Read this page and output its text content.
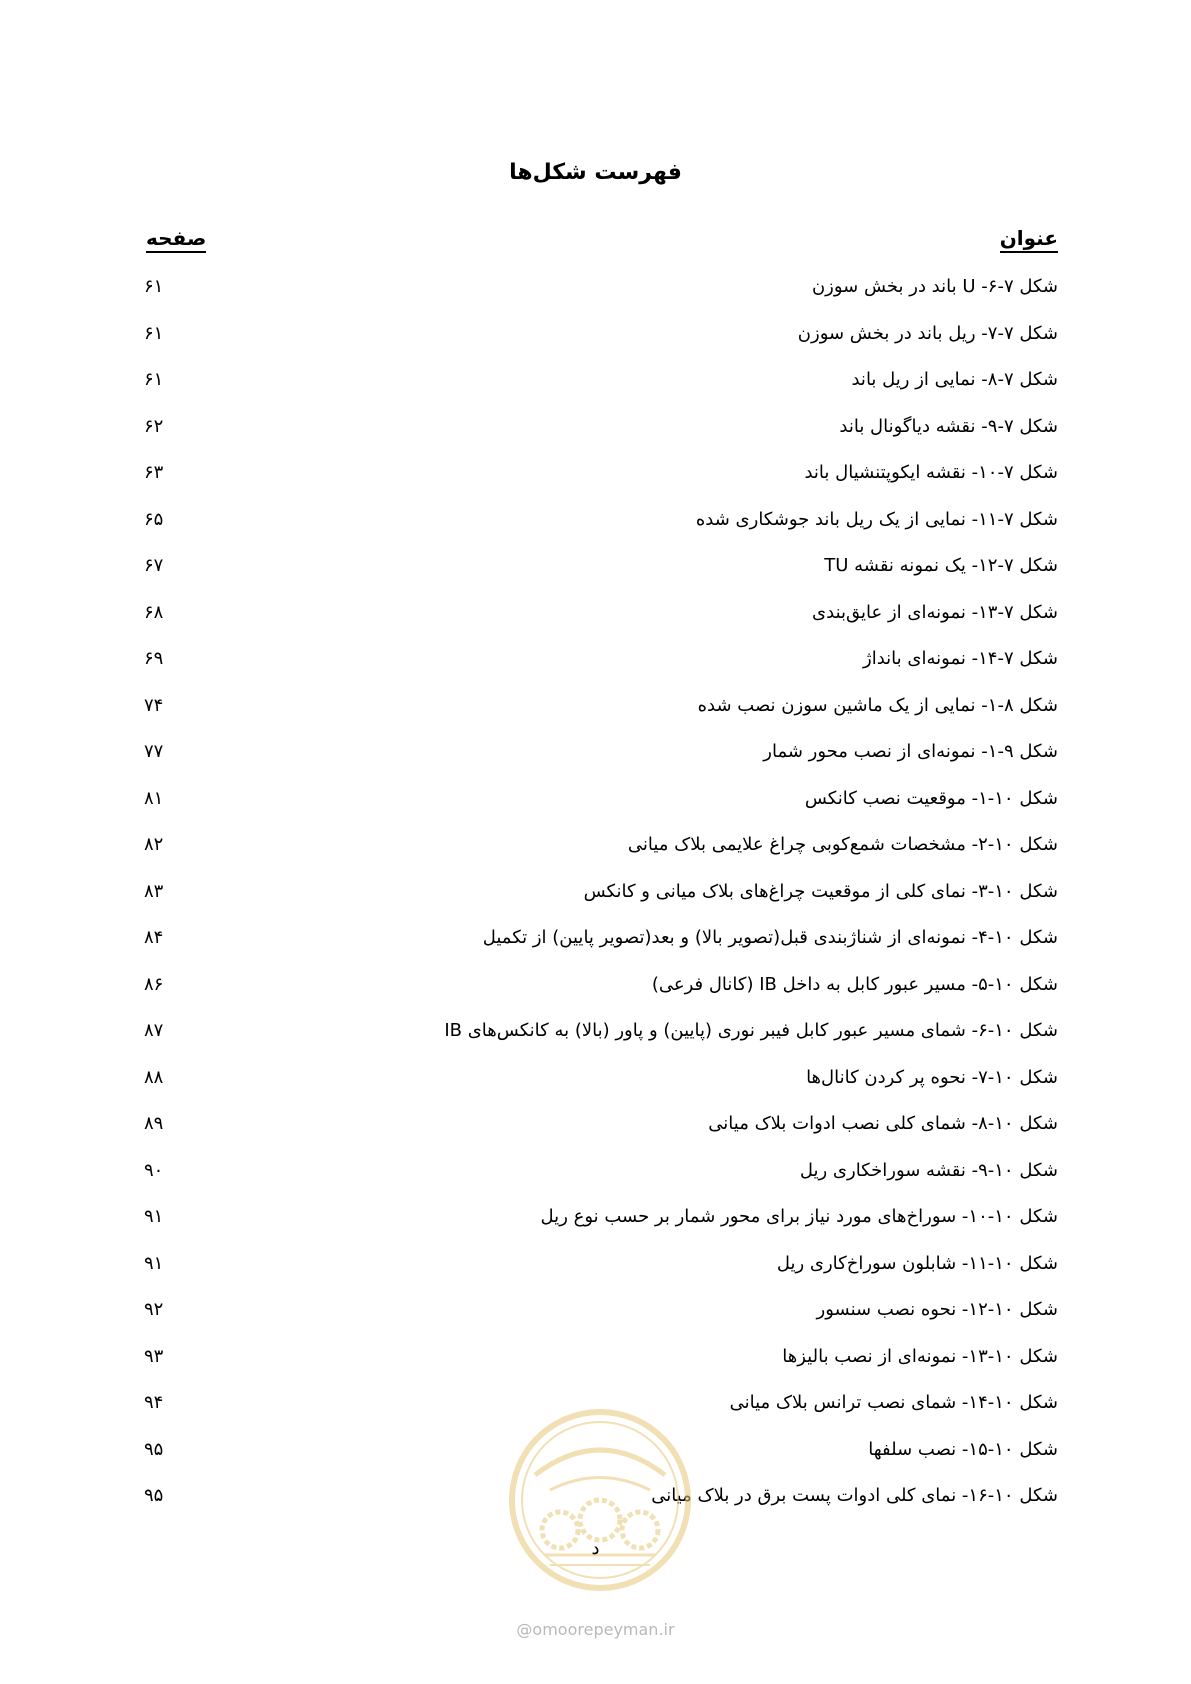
فهرست شکل‌ها
عنوان
صفحه
شکل ۷-۶- U باند در بخش سوزن
۶۱
شکل ۷-۷- ریل باند در بخش سوزن
۶۱
شکل ۷-۸- نمایی از ریل باند
۶۱
شکل ۷-۹- نقشه دیاگونال باند
۶۲
شکل ۷-۱۰- نقشه ایکوپتنشیال باند
۶۳
شکل ۷-۱۱- نمایی از یک ریل باند جوشکاری شده
۶۵
شکل ۷-۱۲- یک نمونه نقشه TU
۶۷
شکل ۷-۱۳- نمونه‌ای از عایق‌بندی
۶۸
شکل ۷-۱۴- نمونه‌ای بانداژ
۶۹
شکل ۸-۱- نمایی از یک ماشین سوزن نصب شده
۷۴
شکل ۹-۱- نمونه‌ای از نصب محور شمار
۷۷
شکل ۱۰-۱- موقعیت نصب کانکس
۸۱
شکل ۱۰-۲- مشخصات شمع‌کوبی چراغ علایمی بلاک میانی
۸۲
شکل ۱۰-۳- نمای کلی از موقعیت چراغ‌های بلاک میانی و کانکس
۸۳
شکل ۱۰-۴- نمونه‌ای از شناژبندی قبل(تصویر بالا) و بعد(تصویر پایین) از تکمیل
۸۴
شکل ۱۰-۵- مسیر عبور کابل به داخل IB (کانال فرعی)
۸۶
شکل ۱۰-۶- شمای مسیر عبور کابل فیبر نوری (پایین) و پاور (بالا) به کانکس‌های IB
۸۷
شکل ۱۰-۷- نحوه پر کردن کانال‌ها
۸۸
شکل ۱۰-۸- شمای کلی نصب ادوات بلاک میانی
۸۹
شکل ۱۰-۹- نقشه سوراخکاری ریل
۹۰
شکل ۱۰-۱۰- سوراخ‌های مورد نیاز برای محور شمار بر حسب نوع ریل
۹۱
شکل ۱۰-۱۱- شابلون سوراخ‌کاری ریل
۹۱
شکل ۱۰-۱۲- نحوه نصب سنسور
۹۲
شکل ۱۰-۱۳- نمونه‌ای از نصب بالیزها
۹۳
شکل ۱۰-۱۴- شمای نصب ترانس بلاک میانی
۹۴
شکل ۱۰-۱۵- نصب سلفها
۹۵
شکل ۱۰-۱۶- نمای کلی ادوات پست برق در بلاک میانی
۹۵
د
@omoorepeyman.ir
